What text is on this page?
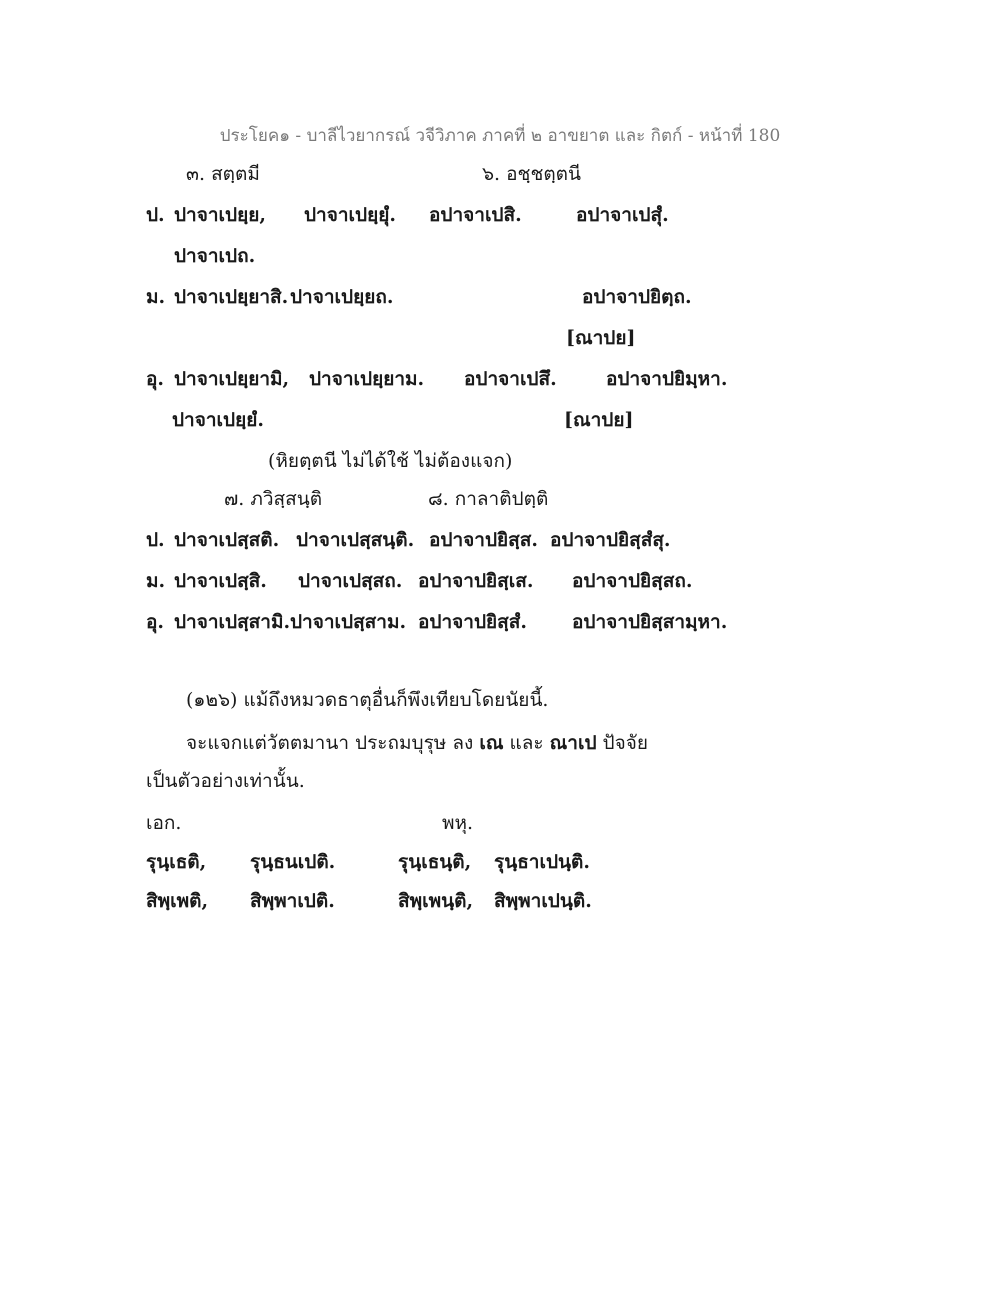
ประโยค๑ - บาลีไวยากรณ์ วจีวิภาค ภาคที่ ๒ อาขยาต และ กิตก์ - หน้าที่ 180
๓. สตฺตมี	๖. อชฺชตฺตนี
ป. ปาจาเปยฺย, ปาจาเปยฺยุํ. อปาจาเปสิ.	อปาจาเปสุํ.
ปาจาเปถ.
ม. ปาจาเปยฺยาสิ. ปาจาเปยฺยถ.	อปาจาปยิตฺถ.
[ณาปย]
อุ. ปาจาเปยฺยามิ, ปาจาเปยฺยาม. อปาจาเปสึ.	อปาจาปยิมฺหา.
ปาจาเปยฺยํ.	[ณาปย]
(หิยตฺตนี ไม่ได้ใช้ ไม่ต้องแจก)
๗. ภวิสฺสนฺติ	๘. กาลาติปตฺติ
ป. ปาจาเปสฺสติ. ปาจาเปสฺสนฺติ. อปาจาปยิสฺส. อปาจาปยิสฺสํสุ.
ม. ปาจาเปสฺสิ. ปาจาเปสฺสถ. อปาจาปยิสฺเส. อปาจาปยิสฺสถ.
อุ. ปาจาเปสฺสามิ. ปาจาเปสฺสาม. อปาจาปยิสฺสํ. อปาจาปยิสฺสามฺหา.
(๑๒๖) แม้ถึงหมวดธาตุอื่นก็พึงเทียบโดยนัยนี้.
จะแจกแต่วัตตมานา ประถมบุรุษ ลง เณ และ ณาเป ปัจจัย
เป็นตัวอย่างเท่านั้น.
เอก.	พหุ.
รุนฺเธติ, รุนฺธนเปติ.	รุนฺเธนฺติ, รุนฺธาเปนฺติ.
สิพฺเพติ, สิพฺพาเปติ.	สิพฺเพนฺติ, สิพฺพาเปนฺติ.
